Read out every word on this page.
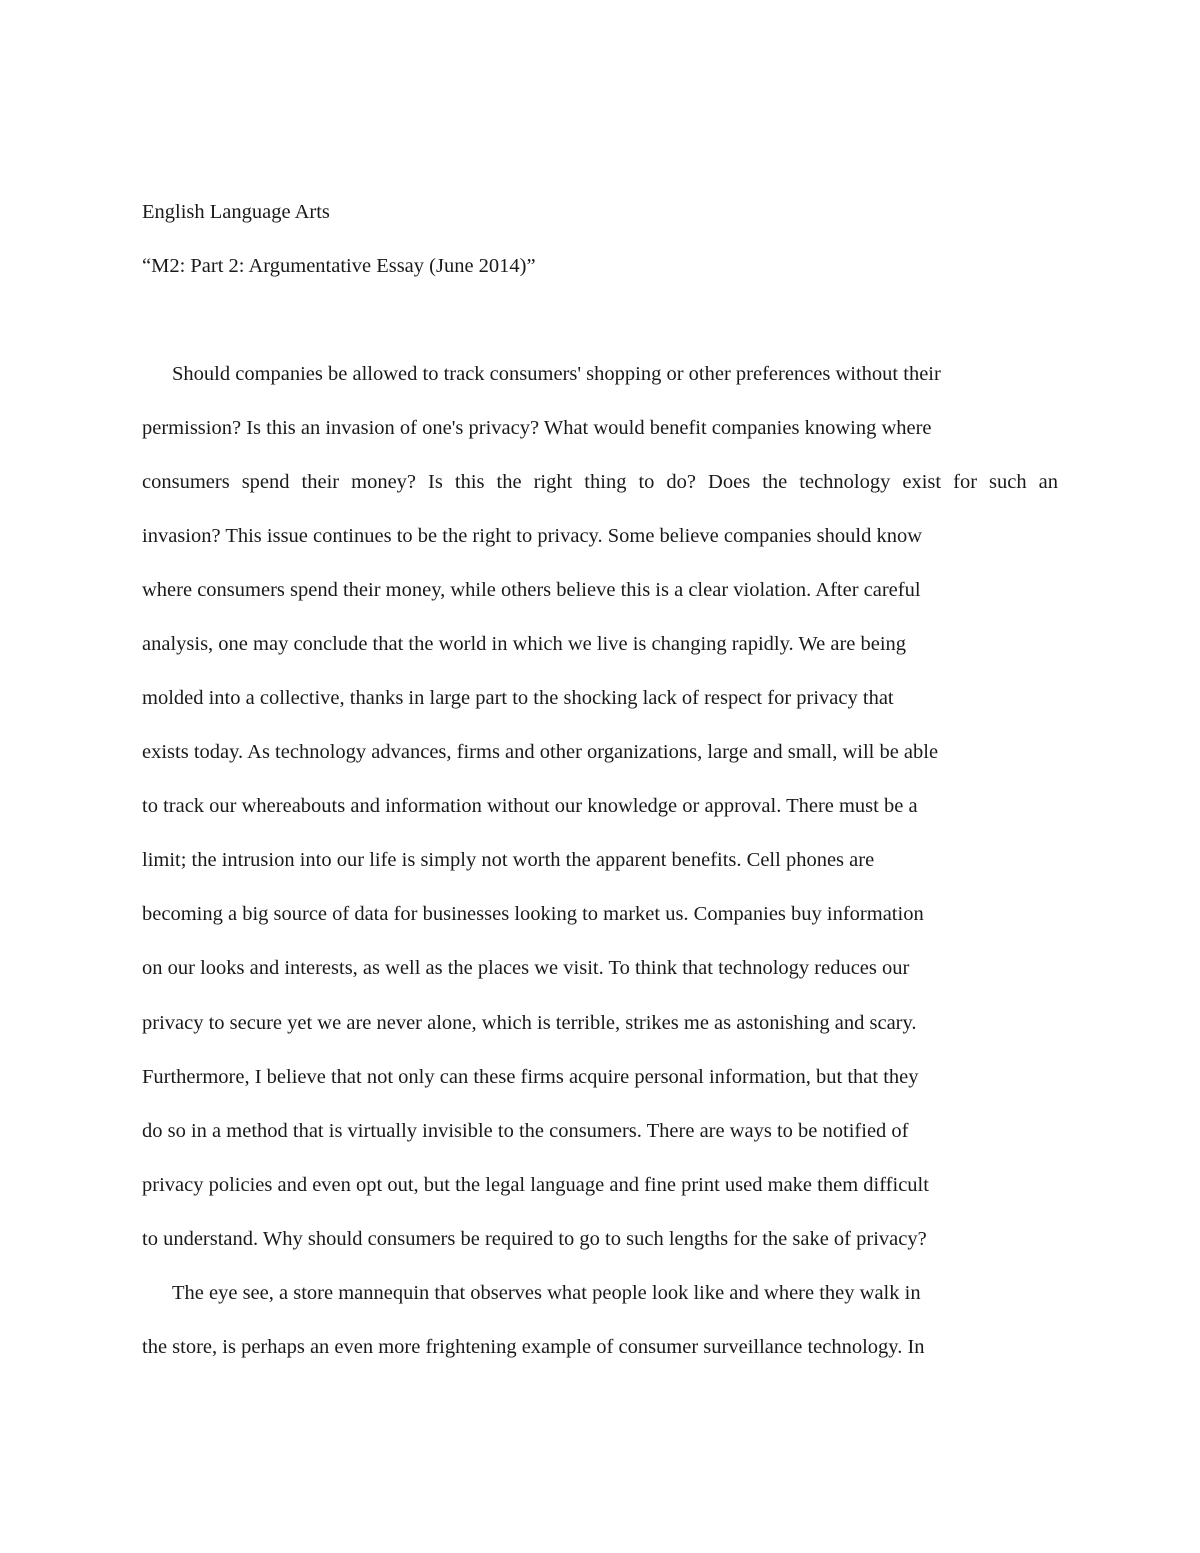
English Language Arts
“M2: Part 2: Argumentative Essay (June 2014)”
Should companies be allowed to track consumers' shopping or other preferences without their
permission? Is this an invasion of one's privacy? What would benefit companies knowing where
consumers spend their money? Is this the right thing to do? Does the technology exist for such an
invasion? This issue continues to be the right to privacy. Some believe companies should know
where consumers spend their money, while others believe this is a clear violation. After careful
analysis, one may conclude that the world in which we live is changing rapidly. We are being
molded into a collective, thanks in large part to the shocking lack of respect for privacy that
exists today. As technology advances, firms and other organizations, large and small, will be able
to track our whereabouts and information without our knowledge or approval. There must be a
limit; the intrusion into our life is simply not worth the apparent benefits. Cell phones are
becoming a big source of data for businesses looking to market us. Companies buy information
on our looks and interests, as well as the places we visit. To think that technology reduces our
privacy to secure yet we are never alone, which is terrible, strikes me as astonishing and scary.
Furthermore, I believe that not only can these firms acquire personal information, but that they
do so in a method that is virtually invisible to the consumers. There are ways to be notified of
privacy policies and even opt out, but the legal language and fine print used make them difficult
to understand. Why should consumers be required to go to such lengths for the sake of privacy?
The eye see, a store mannequin that observes what people look like and where they walk in
the store, is perhaps an even more frightening example of consumer surveillance technology. In
